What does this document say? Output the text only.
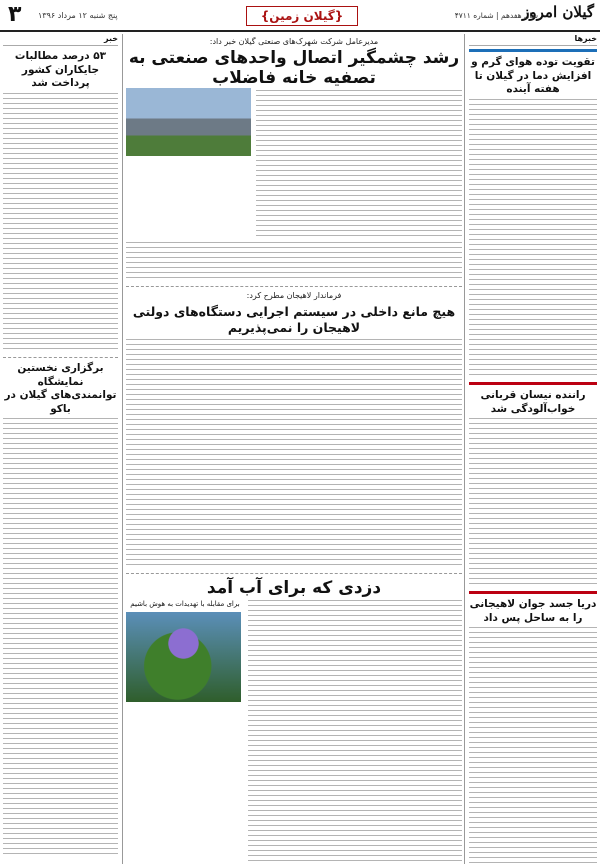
گیلان امروز
سال هفدهم | شماره ۴۷۱۱
{گیلان زمین}
۳ پنج شنبه ۱۲ مرداد ۱۳۹۶
خبرها
تقویت توده هوای گرم و افزایش دما در گیلان تا هفته آینده
راننده نیسان قربانی خواب‌آلودگی شد
دریا جسد جوان لاهیجانی را به ساحل پس داد
مدیرعامل شرکت شهرک‌های صنعتی گیلان خبر داد:
رشد چشمگیر اتصال واحدهای صنعتی به تصفیه خانه فاضلاب
فرماندار لاهیجان مطرح کرد:
هیچ مانع داخلی در سیستم اجرایی دستگاه‌های دولتی لاهیجان را نمی‌پذیریم
دزدی که برای آب آمد
برای مقابله با تهدیدات به هوش باشیم
خبر
۵۳ درصد مطالبات جایکاران کشور پرداخت شد
برگزاری نخستین نمایشگاه توانمندی‌های گیلان در باکو
